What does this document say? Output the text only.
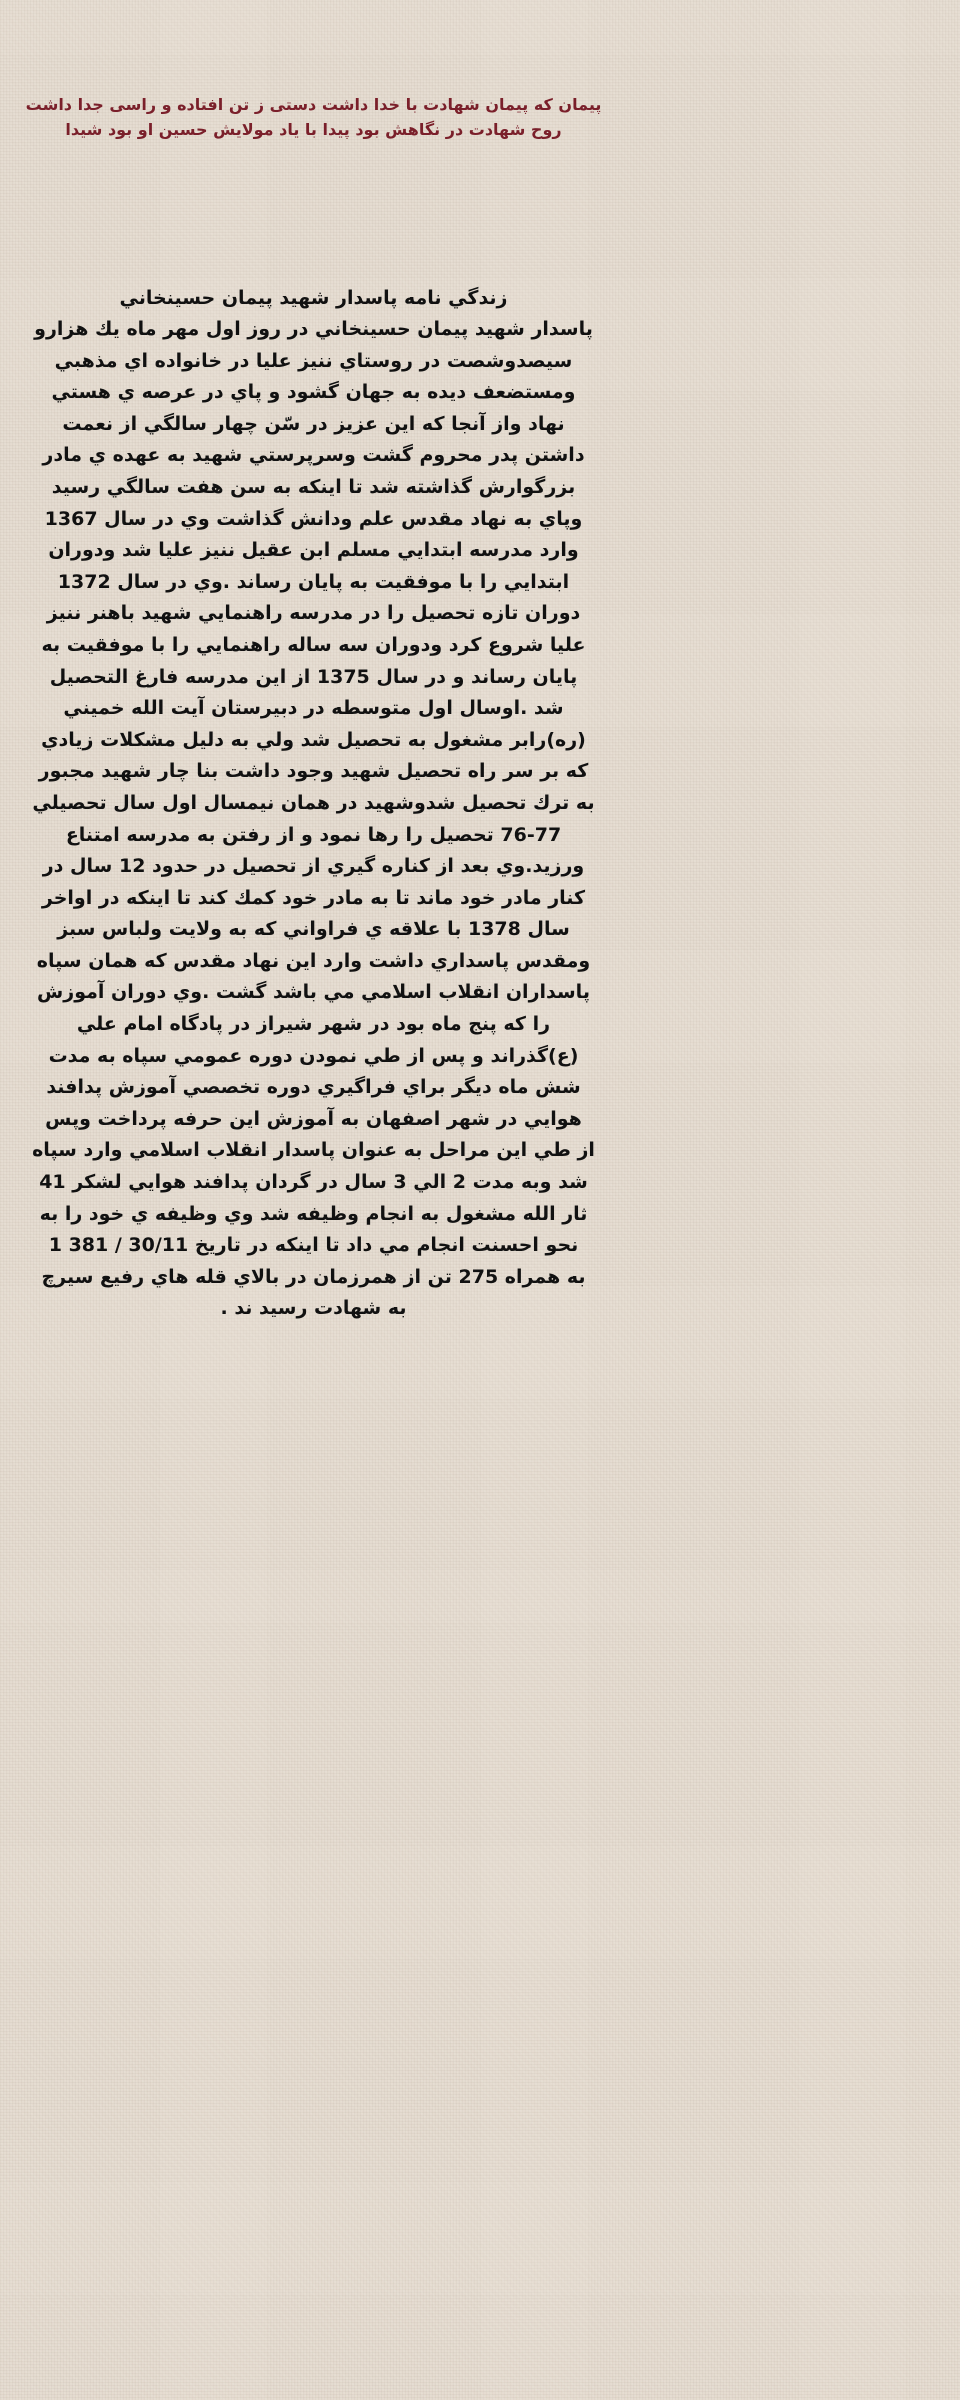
پیمان که پیمان شهادت با خدا داشت دستی ز تن افتاده و راسی جدا داشت
روح شهادت در نگاهش بود پیدا با یاد مولایش حسین او بود شیدا
زندگي نامه پاسدار شهيد پيمان حسينخاني
پاسدار شهيد پيمان حسينخاني در روز اول مهر ماه يك هزارو
سيصدوشصت در روستاي ننيز عليا در خانواده اي مذهبي
ومستضعف ديده به جهان گشود و پاي در عرصه ي هستي
نهاد واز آنجا كه اين عزيز در سّن چهار سالگي از نعمت
داشتن پدر محروم گشت وسرپرستي شهيد به عهده ي مادر
بزرگوارش گذاشته شد تا اينكه به سن هفت سالگي رسيد
وپاي به نهاد مقدس علم ودانش گذاشت وي در سال 1367
وارد مدرسه ابتدايي مسلم ابن عقيل ننيز عليا شد ودوران
ابتدايي را با موفقيت به پايان رساند .وي در سال 1372
دوران تازه تحصيل را در مدرسه راهنمايي شهيد باهنر ننيز
عليا شروع كرد ودوران سه ساله راهنمايي را با موفقيت به
پايان رساند و در سال 1375 از اين مدرسه فارغ التحصيل
شد .اوسال اول متوسطه در دبيرستان آيت الله خميني
(ره)رابر مشغول به تحصيل شد ولي به دليل مشكلات زيادي
كه بر سر راه تحصيل شهيد وجود داشت بنا چار شهيد مجبور
به ترك تحصيل شدوشهيد در همان نيمسال اول سال تحصيلي
76-77 تحصيل را رها نمود و از رفتن به مدرسه امتناع
ورزيد.وي بعد از كناره گيري از تحصيل در حدود 12 سال در
كنار مادر خود ماند تا به مادر خود كمك كند تا اينكه در اواخر
سال 1378 با علاقه ي فراواني كه به ولايت ولباس سبز
ومقدس پاسداري داشت وارد اين نهاد مقدس كه همان سپاه
پاسداران انقلاب اسلامي مي باشد گشت .وي دوران آموزش
را كه پنج ماه بود در شهر شيراز در پادگاه امام علي
(ع)گذراند و پس از طي نمودن دوره عمومي سپاه به مدت
شش ماه ديگر براي فراگيري دوره تخصصي آموزش پدافند
هوايي در شهر اصفهان به آموزش اين حرفه پرداخت وپس
از طي اين مراحل به عنوان پاسدار انقلاب اسلامي وارد سپاه
شد وبه مدت 2 الي 3 سال در گردان پدافند هوايي لشكر 41
ثار الله مشغول به انجام وظيفه شد وي وظيفه ي خود را به
نحو احسنت انجام مي داد تا اينكه در تاريخ 30/11 / 381 1
به همراه 275 تن از همرزمان در بالاي قله هاي رفيع سيرچ
به شهادت رسيد ند .
